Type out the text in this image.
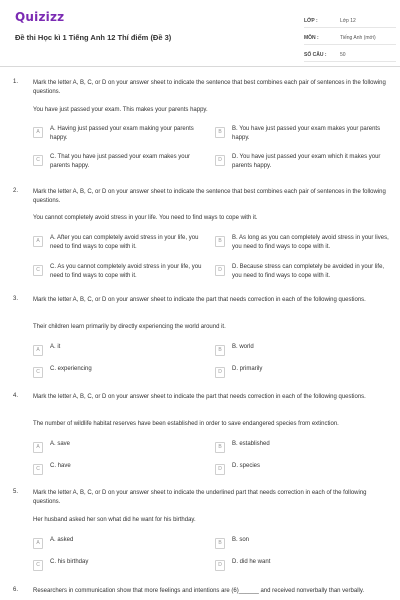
Quizizz
Đề thi Học kì 1 Tiếng Anh 12 Thí điểm (Đề 3)
LỚP :	Lớp 12
MÔN :	Tiếng Anh (mới)
SỐ CÂU :	50
1. Mark the letter A, B, C, or D on your answer sheet to indicate the sentence that best combines each pair of sentences in the following questions.
You have just passed your exam. This makes your parents happy.
A	A. Having just passed your exam making your parents happy.
B	B. You have just passed your exam makes your parents happy.
C	C. That you have just passed your exam makes your parents happy.
D	D. You have just passed your exam which it makes your parents happy.
2. Mark the letter A, B, C, or D on your answer sheet to indicate the sentence that best combines each pair of sentences in the following questions.
You cannot completely avoid stress in your life. You need to find ways to cope with it.
A	A. After you can completely avoid stress in your life, you need to find ways to cope with it.
B	B. As long as you can completely avoid stress in your lives, you need to find ways to cope with it.
C	C. As you cannot completely avoid stress in your life, you need to find ways to cope with it.
D	D. Because stress can completely be avoided in your life, you need to find ways to cope with it.
3. Mark the letter A, B, C, or D on your answer sheet to indicate the part that needs correction in each of the following questions.
Their children learn primarily by directly experiencing the world around it.
A	A. it	B	B. world
C	C. experiencing	D	D. primarily
4. Mark the letter A, B, C, or D on your answer sheet to indicate the part that needs correction in each of the following questions.
The number of wildlife habitat reserves have been established in order to save endangered species from extinction.
A	A. save	B	B. established
C	C. have	D	D. species
5. Mark the letter A, B, C, or D on your answer sheet to indicate the underlined part that needs correction in each of the following questions.
Her husband asked her son what did he want for his birthday.
A	A. asked	B	B. son
C	C. his birthday	D	D. did he want
6. Researchers in communication show that more feelings and intentions are (6)______ and received nonverbally than verbally.
